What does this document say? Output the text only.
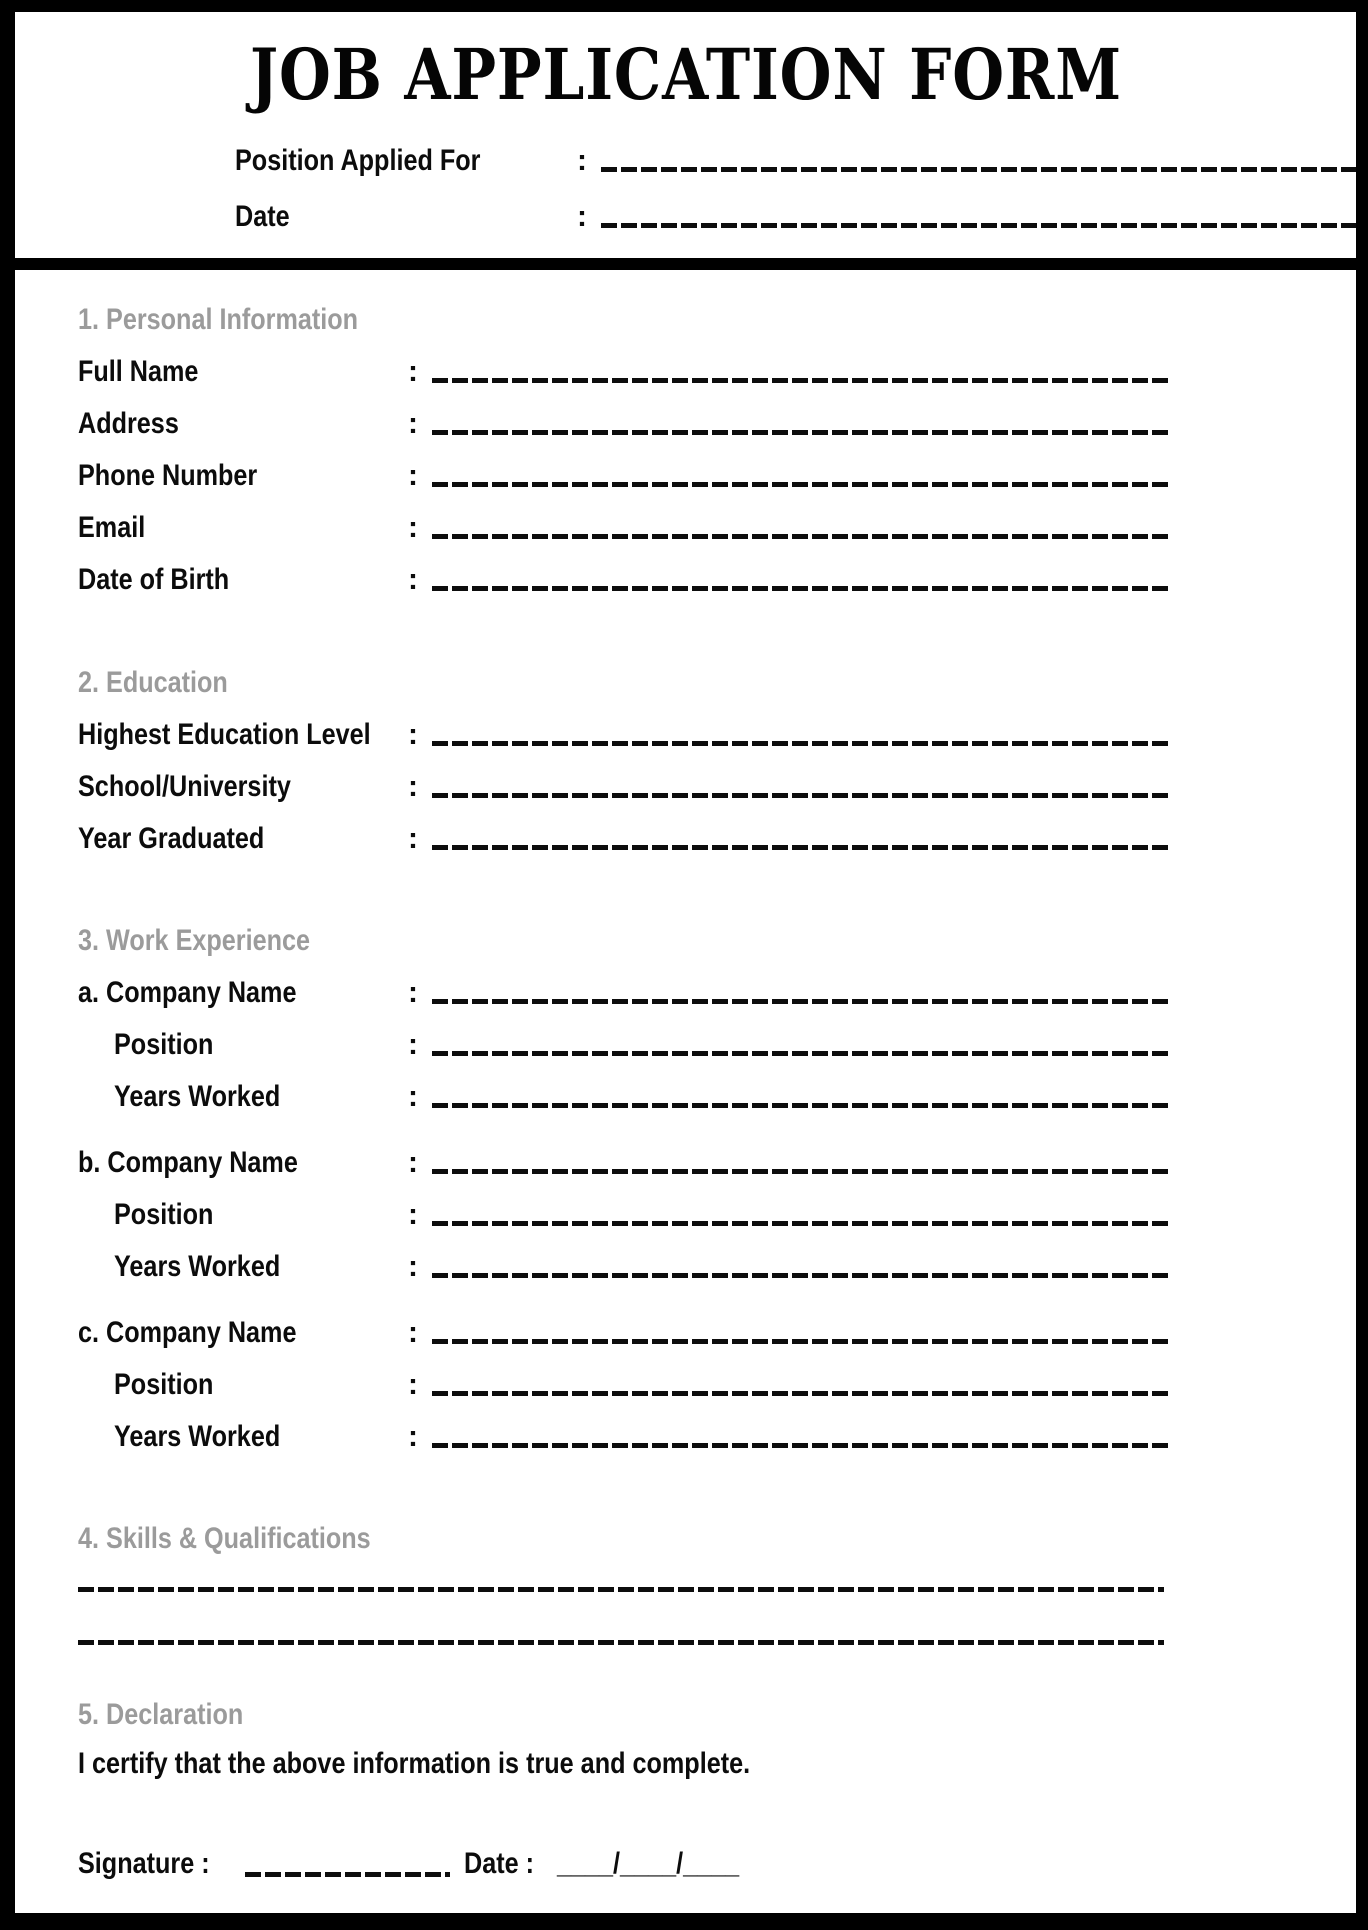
JOB APPLICATION FORM
Position Applied For	:
Date	:
1. Personal Information
Full Name	:
Address	:
Phone Number	:
Email	:
Date of Birth	:
2. Education
Highest Education Level	:
School/University	:
Year Graduated	:
3. Work Experience
a. Company Name	:
Position	:
Years Worked	:
b. Company Name	:
Position	:
Years Worked	:
c. Company Name	:
Position	:
Years Worked	:
4. Skills & Qualifications
5. Declaration
I certify that the above information is true and complete.
Signature :	Date : ____/____/____
